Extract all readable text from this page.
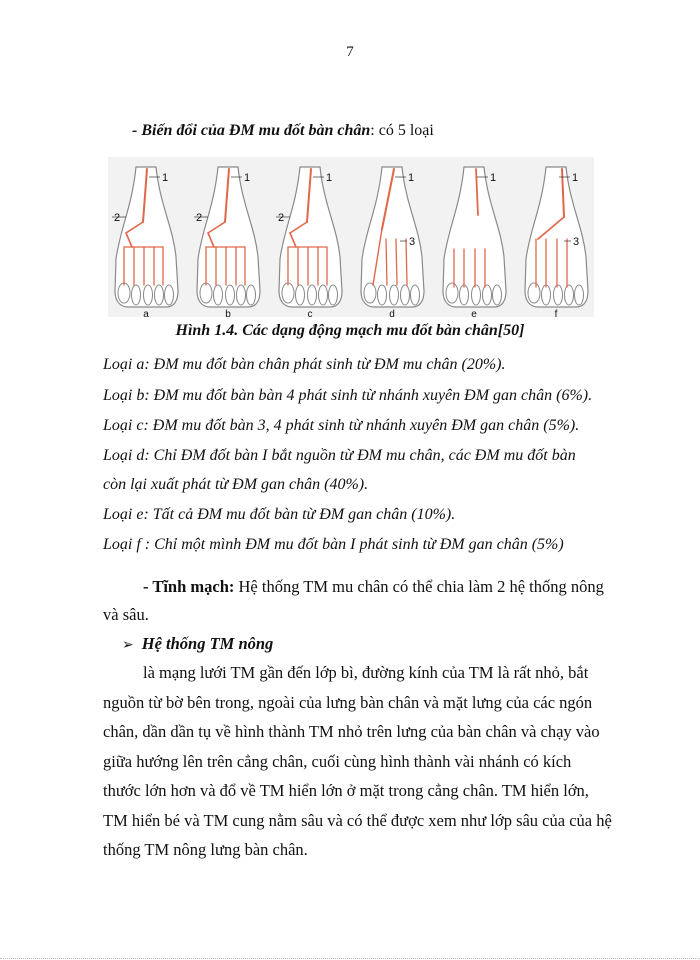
7
- Biến đổi của ĐM mu đốt bàn chân: có 5 loại
1
2
a
1
2
b
1
2
c
1
3
d
1
e
1
3
f
Hình 1.4. Các dạng động mạch mu đốt bàn chân[50]
Loại a: ĐM mu đốt bàn chân phát sinh từ ĐM mu chân (20%).
Loại b: ĐM mu đốt bàn bàn 4 phát sinh từ nhánh xuyên ĐM gan chân (6%).
Loại c: ĐM mu đốt bàn 3, 4 phát sinh từ nhánh xuyên ĐM gan chân (5%).
Loại d: Chỉ ĐM đốt bàn I bắt nguồn từ ĐM mu chân, các ĐM mu đốt bàn
còn lại xuất phát từ ĐM gan chân (40%).
Loại e: Tất cả ĐM mu đốt bàn từ ĐM gan chân (10%).
Loại f : Chỉ một mình ĐM mu đốt bàn I phát sinh từ ĐM gan chân (5%)
- Tĩnh mạch: Hệ thống TM mu chân có thể chia làm 2 hệ thống nông
và sâu.
➢ Hệ thống TM nông
là mạng lưới TM gần đến lớp bì, đường kính của TM là rất nhỏ, bắt
nguồn từ bờ bên trong, ngoài của lưng bàn chân và mặt lưng của các ngón
chân, dần dần tụ về hình thành TM nhỏ trên lưng của bàn chân và chạy vào
giữa hướng lên trên cẳng chân, cuối cùng hình thành vài nhánh có kích
thước lớn hơn và đổ về TM hiển lớn ở mặt trong cẳng chân. TM hiển lớn,
TM hiển bé và TM cung nằm sâu và có thể được xem như lớp sâu của của hệ
thống TM nông lưng bàn chân.
